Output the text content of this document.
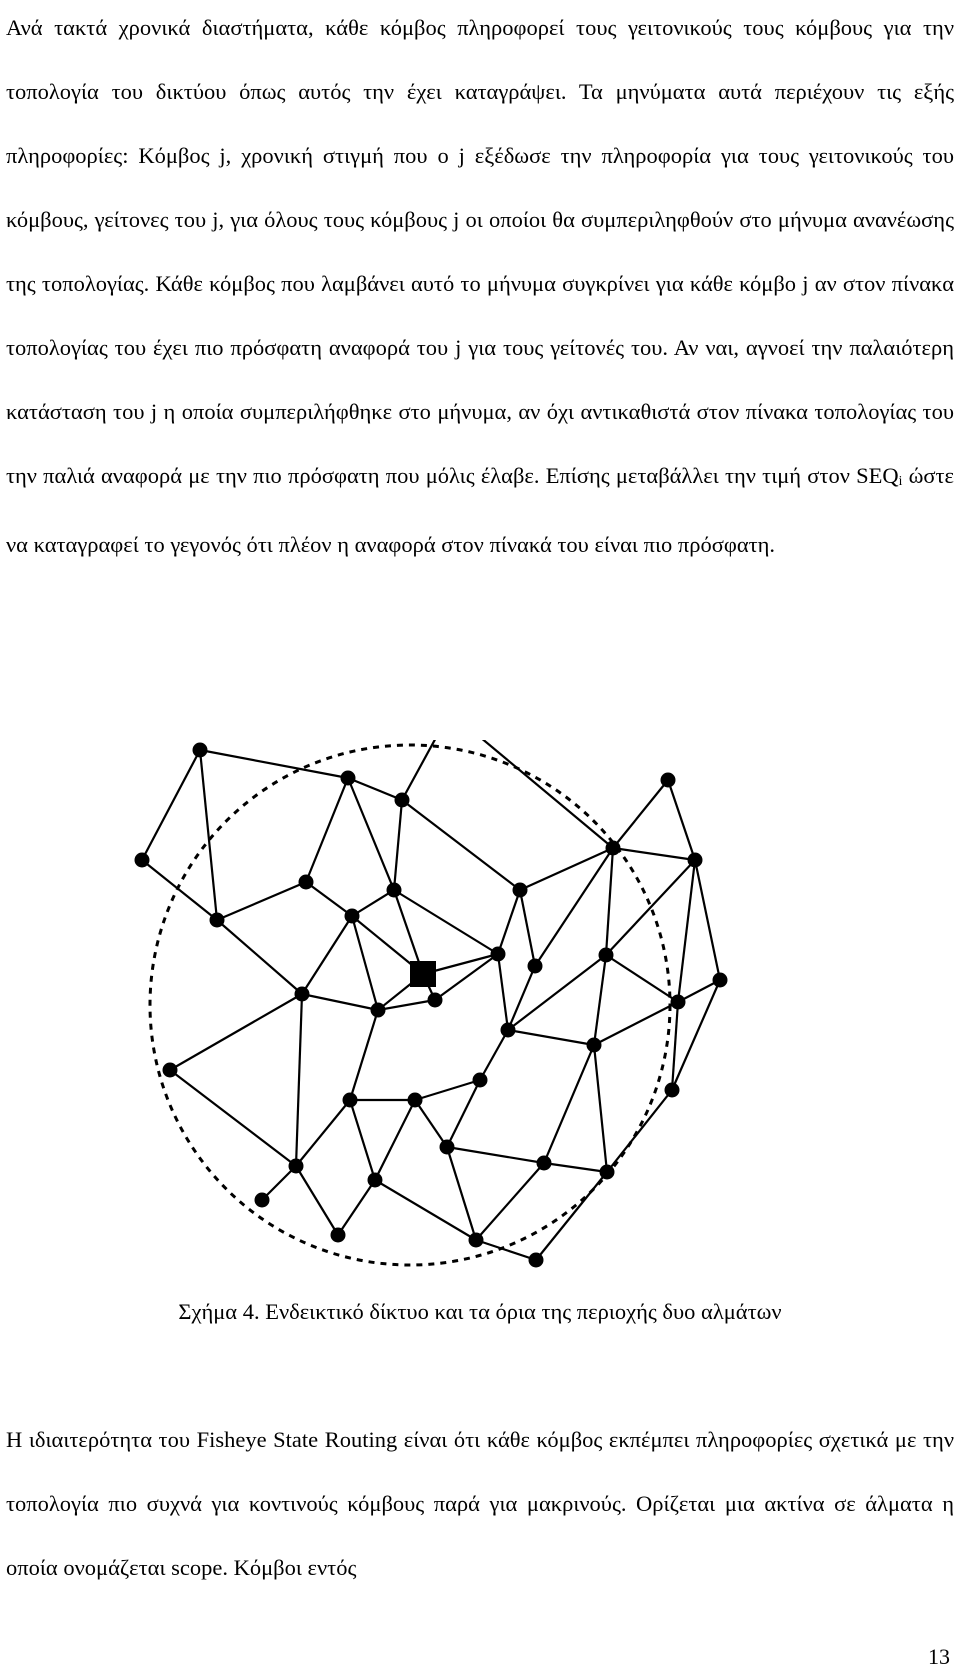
Ανά τακτά χρονικά διαστήματα, κάθε κόμβος πληροφορεί τους γειτονικούς τους κόμβους για την τοπολογία του δικτύου όπως αυτός την έχει καταγράψει. Τα μηνύματα αυτά περιέχουν τις εξής πληροφορίες: Κόμβος j, χρονική στιγμή που ο j εξέδωσε την πληροφορία για τους γειτονικούς του κόμβους, γείτονες του j, για όλους τους κόμβους j οι οποίοι θα συμπεριληφθούν στο μήνυμα ανανέωσης της τοπολογίας. Κάθε κόμβος που λαμβάνει αυτό το μήνυμα συγκρίνει για κάθε κόμβο j αν στον πίνακα τοπολογίας του έχει πιο πρόσφατη αναφορά του j για τους γείτονές του. Αν ναι, αγνοεί την παλαιότερη κατάσταση του j η οποία συμπεριλήφθηκε στο μήνυμα, αν όχι αντικαθιστά στον πίνακα τοπολογίας του την παλιά αναφορά με την πιο πρόσφατη που μόλις έλαβε. Επίσης μεταβάλλει την τιμή στον $SEQ_i$ ώστε να καταγραφεί το γεγονός ότι πλέον η αναφορά στον πίνακά του είναι πιο πρόσφατη.

Σχήμα 4. Ενδεικτικό δίκτυο και τα όρια της περιοχής δυο αλμάτων

Η ιδιαιτερότητα του Fisheye State Routing είναι ότι κάθε κόμβος εκπέμπει πληροφορίες σχετικά με την τοπολογία πιο συχνά για κοντινούς κόμβους παρά για μακρινούς. Ορίζεται μια ακτίνα σε άλματα η οποία ονομάζεται scope. Κόμβοι εντός

13
